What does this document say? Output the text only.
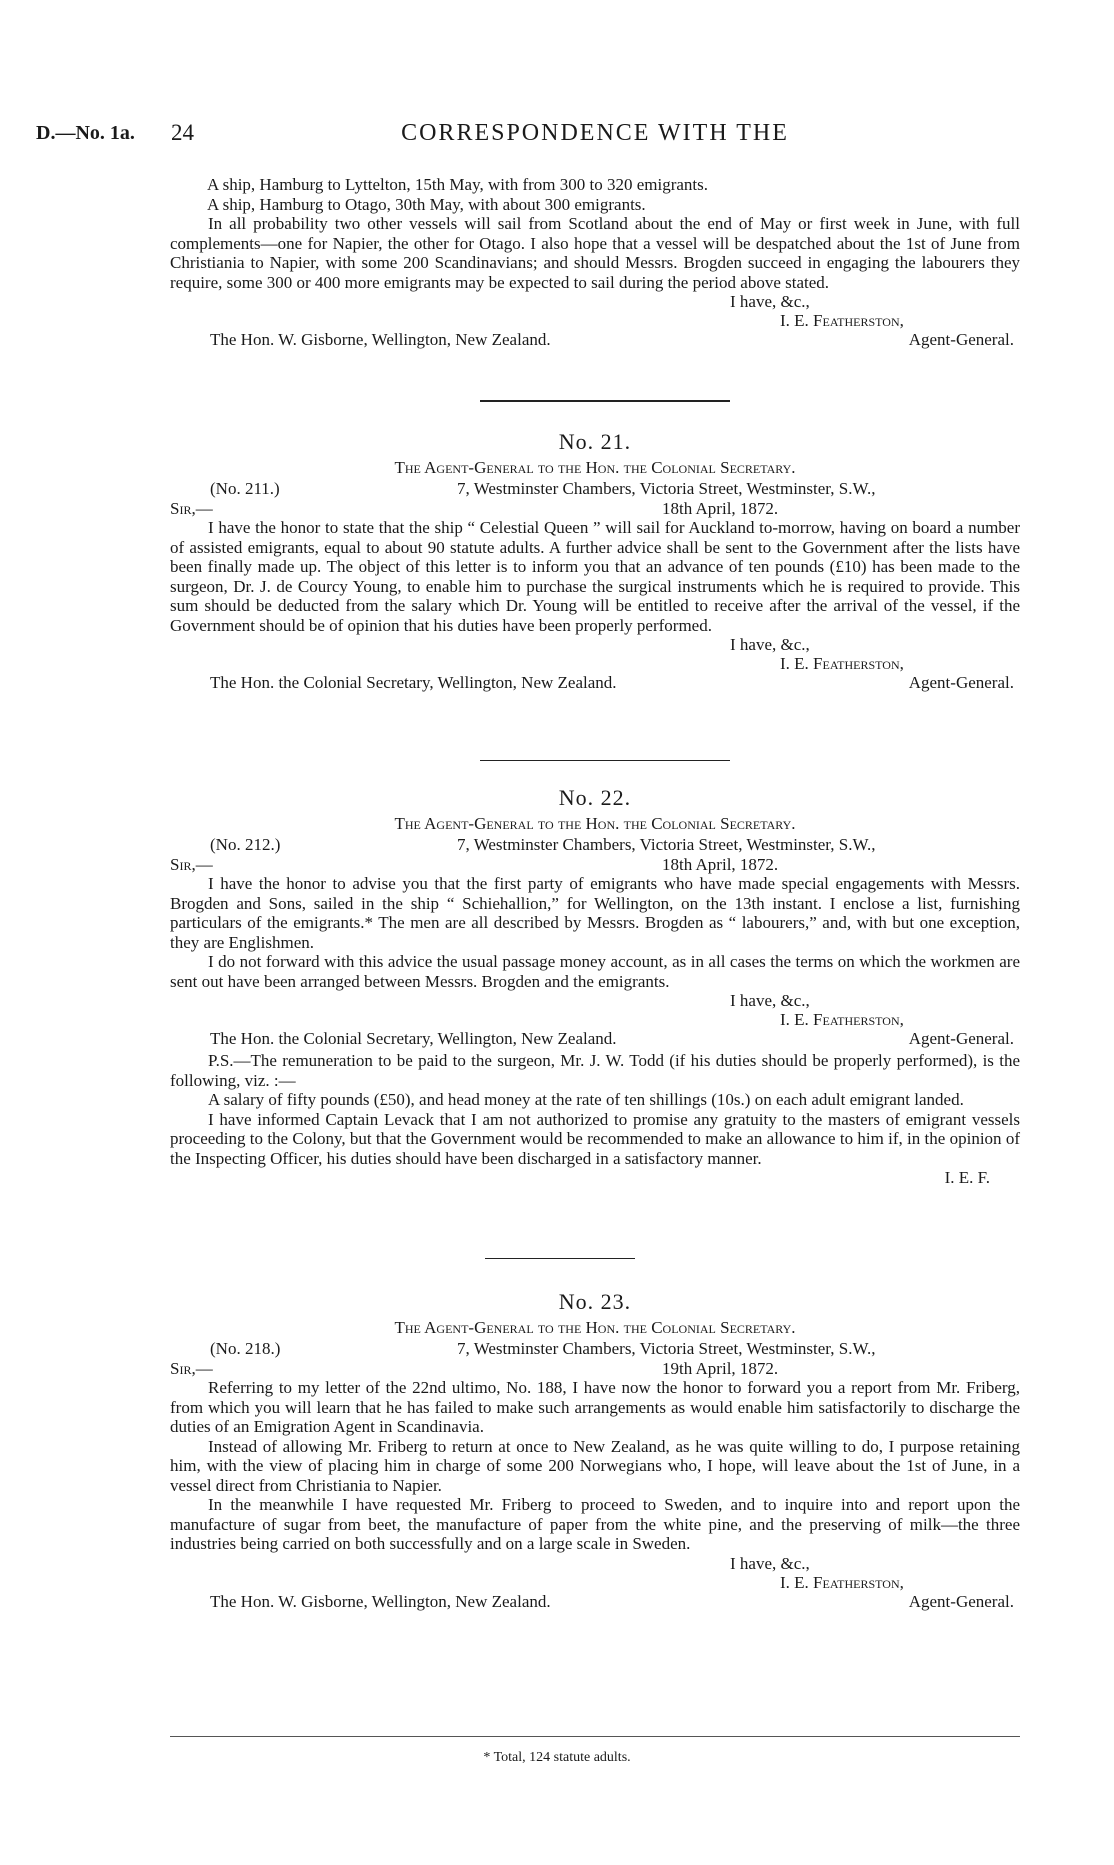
D.—No. 1a. 24	CORRESPONDENCE WITH THE

A ship, Hamburg to Lyttelton, 15th May, with from 300 to 320 emigrants.

A ship, Hamburg to Otago, 30th May, with about 300 emigrants.

In all probability two other vessels will sail from Scotland about the end of May or first week in June, with full complements—one for Napier, the other for Otago. I also hope that a vessel will be despatched about the 1st of June from Christiania to Napier, with some 200 Scandinavians; and should Messrs. Brogden succeed in engaging the labourers they require, some 300 or 400 more emigrants may be expected to sail during the period above stated.

I have, &c.,
I. E. Featherston,
The Hon. W. Gisborne, Wellington, New Zealand.	Agent-General.

No. 21.

The Agent-General to the Hon. the Colonial Secretary.

(No. 211.)	7, Westminster Chambers, Victoria Street, Westminster, S.W.,
Sir,—	18th April, 1872.

I have the honor to state that the ship “ Celestial Queen ” will sail for Auckland to-morrow, having on board a number of assisted emigrants, equal to about 90 statute adults. A further advice shall be sent to the Government after the lists have been finally made up. The object of this letter is to inform you that an advance of ten pounds (£10) has been made to the surgeon, Dr. J. de Courcy Young, to enable him to purchase the surgical instruments which he is required to provide. This sum should be deducted from the salary which Dr. Young will be entitled to receive after the arrival of the vessel, if the Government should be of opinion that his duties have been properly performed.

I have, &c.,
I. E. Featherston,
The Hon. the Colonial Secretary, Wellington, New Zealand.	Agent-General.

No. 22.

The Agent-General to the Hon. the Colonial Secretary.

(No. 212.)	7, Westminster Chambers, Victoria Street, Westminster, S.W.,
Sir,—	18th April, 1872.

I have the honor to advise you that the first party of emigrants who have made special engagements with Messrs. Brogden and Sons, sailed in the ship “ Schiehallion,” for Wellington, on the 13th instant. I enclose a list, furnishing particulars of the emigrants.* The men are all described by Messrs. Brogden as “ labourers,” and, with but one exception, they are Englishmen.

I do not forward with this advice the usual passage money account, as in all cases the terms on which the workmen are sent out have been arranged between Messrs. Brogden and the emigrants.

I have, &c.,
I. E. Featherston,
The Hon. the Colonial Secretary, Wellington, New Zealand.	Agent-General.

P.S.—The remuneration to be paid to the surgeon, Mr. J. W. Todd (if his duties should be properly performed), is the following, viz. :—

A salary of fifty pounds (£50), and head money at the rate of ten shillings (10s.) on each adult emigrant landed.

I have informed Captain Levack that I am not authorized to promise any gratuity to the masters of emigrant vessels proceeding to the Colony, but that the Government would be recommended to make an allowance to him if, in the opinion of the Inspecting Officer, his duties should have been discharged in a satisfactory manner.

I. E. F.

No. 23.

The Agent-General to the Hon. the Colonial Secretary.

(No. 218.)	7, Westminster Chambers, Victoria Street, Westminster, S.W.,
Sir,—	19th April, 1872.

Referring to my letter of the 22nd ultimo, No. 188, I have now the honor to forward you a report from Mr. Friberg, from which you will learn that he has failed to make such arrangements as would enable him satisfactorily to discharge the duties of an Emigration Agent in Scandinavia.

Instead of allowing Mr. Friberg to return at once to New Zealand, as he was quite willing to do, I purpose retaining him, with the view of placing him in charge of some 200 Norwegians who, I hope, will leave about the 1st of June, in a vessel direct from Christiania to Napier.

In the meanwhile I have requested Mr. Friberg to proceed to Sweden, and to inquire into and report upon the manufacture of sugar from beet, the manufacture of paper from the white pine, and the preserving of milk—the three industries being carried on both successfully and on a large scale in Sweden.

I have, &c.,
I. E. Featherston,
The Hon. W. Gisborne, Wellington, New Zealand.	Agent-General.
* Total, 124 statute adults.
